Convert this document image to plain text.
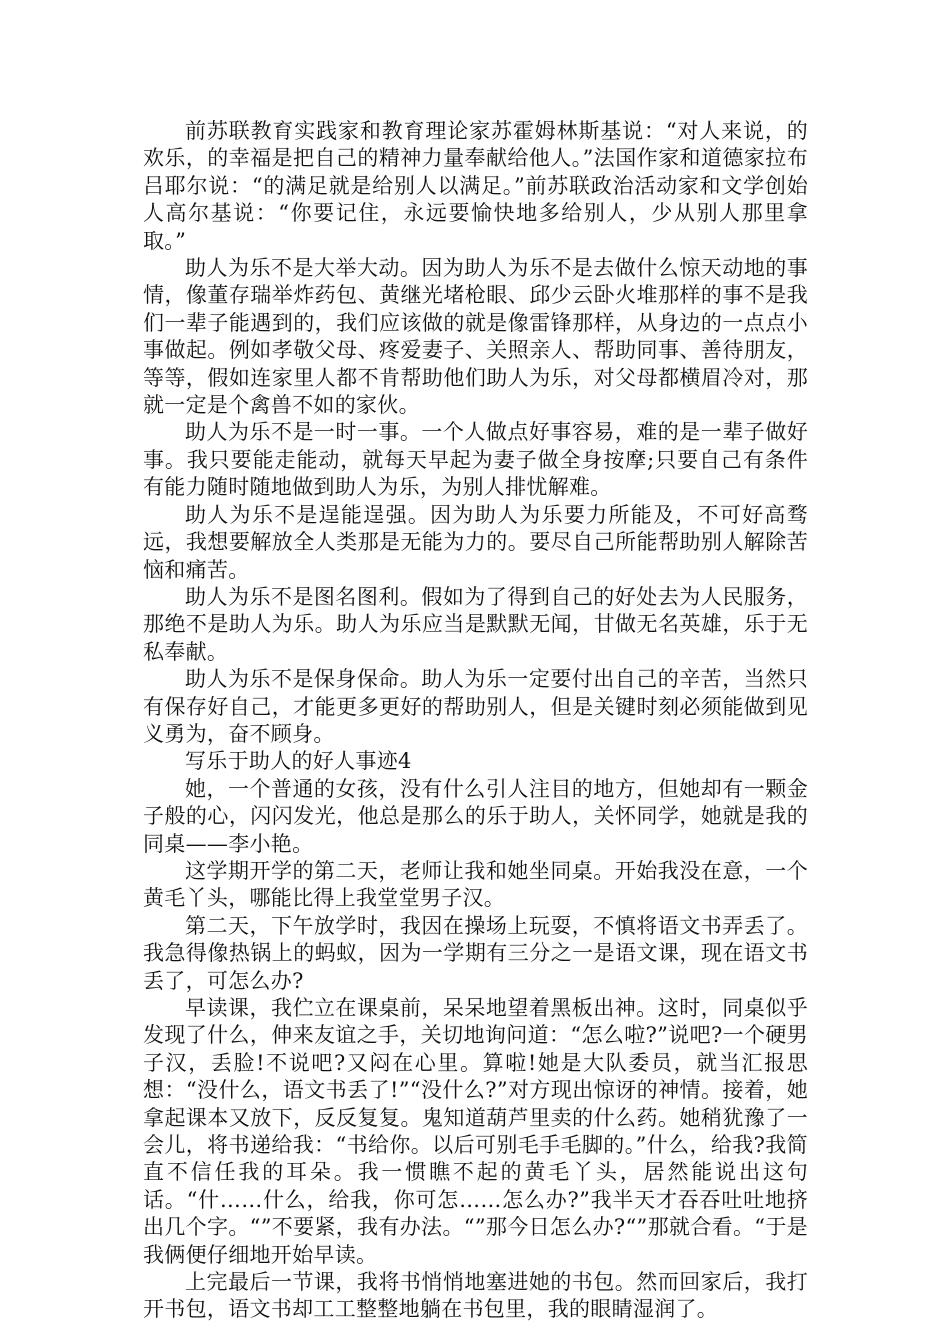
前苏联教育实践家和教育理论家苏霍姆林斯基说：“对人来说，的欢乐，的幸福是把自己的精神力量奉献给他人。”法国作家和道德家拉布吕耶尔说：“的满足就是给别人以满足。”前苏联政治活动家和文学创始人高尔基说：“你要记住，永远要愉快地多给别人，少从别人那里拿取。”

助人为乐不是大举大动。因为助人为乐不是去做什么惊天动地的事情，像董存瑞举炸药包、黄继光堵枪眼、邱少云卧火堆那样的事不是我们一辈子能遇到的，我们应该做的就是像雷锋那样，从身边的一点点小事做起。例如孝敬父母、疼爱妻子、关照亲人、帮助同事、善待朋友，等等，假如连家里人都不肯帮助他们助人为乐，对父母都横眉冷对，那就一定是个禽兽不如的家伙。

助人为乐不是一时一事。一个人做点好事容易，难的是一辈子做好事。我只要能走能动，就每天早起为妻子做全身按摩;只要自己有条件有能力随时随地做到助人为乐，为别人排忧解难。

助人为乐不是逞能逞强。因为助人为乐要力所能及，不可好高骛远，我想要解放全人类那是无能为力的。要尽自己所能帮助别人解除苦恼和痛苦。

助人为乐不是图名图利。假如为了得到自己的好处去为人民服务，那绝不是助人为乐。助人为乐应当是默默无闻，甘做无名英雄，乐于无私奉献。

助人为乐不是保身保命。助人为乐一定要付出自己的辛苦，当然只有保存好自己，才能更多更好的帮助别人，但是关键时刻必须能做到见义勇为，奋不顾身。

写乐于助人的好人事迹4

她，一个普通的女孩，没有什么引人注目的地方，但她却有一颗金子般的心，闪闪发光，他总是那么的乐于助人，关怀同学，她就是我的同桌——李小艳。

这学期开学的第二天，老师让我和她坐同桌。开始我没在意，一个黄毛丫头，哪能比得上我堂堂男子汉。

第二天，下午放学时，我因在操场上玩耍，不慎将语文书弄丢了。我急得像热锅上的蚂蚁，因为一学期有三分之一是语文课，现在语文书丢了，可怎么办?

早读课，我伫立在课桌前，呆呆地望着黑板出神。这时，同桌似乎发现了什么，伸来友谊之手，关切地询问道：“怎么啦?”说吧?一个硬男子汉，丢脸!不说吧?又闷在心里。算啦!她是大队委员，就当汇报思想：“没什么，语文书丢了!”“没什么?”对方现出惊讶的神情。接着，她拿起课本又放下，反反复复。鬼知道葫芦里卖的什么药。她稍犹豫了一会儿，将书递给我：“书给你。以后可别毛手毛脚的。”什么，给我?我简直不信任我的耳朵。我一惯瞧不起的黄毛丫头，居然能说出这句话。“什……什么，给我，你可怎……怎么办?”我半天才吞吞吐吐地挤出几个字。“”不要紧，我有办法。“”那今日怎么办?“”那就合看。“于是我俩便仔细地开始早读。

上完最后一节课，我将书悄悄地塞进她的书包。然而回家后，我打开书包，语文书却工工整整地躺在书包里，我的眼睛湿润了。
